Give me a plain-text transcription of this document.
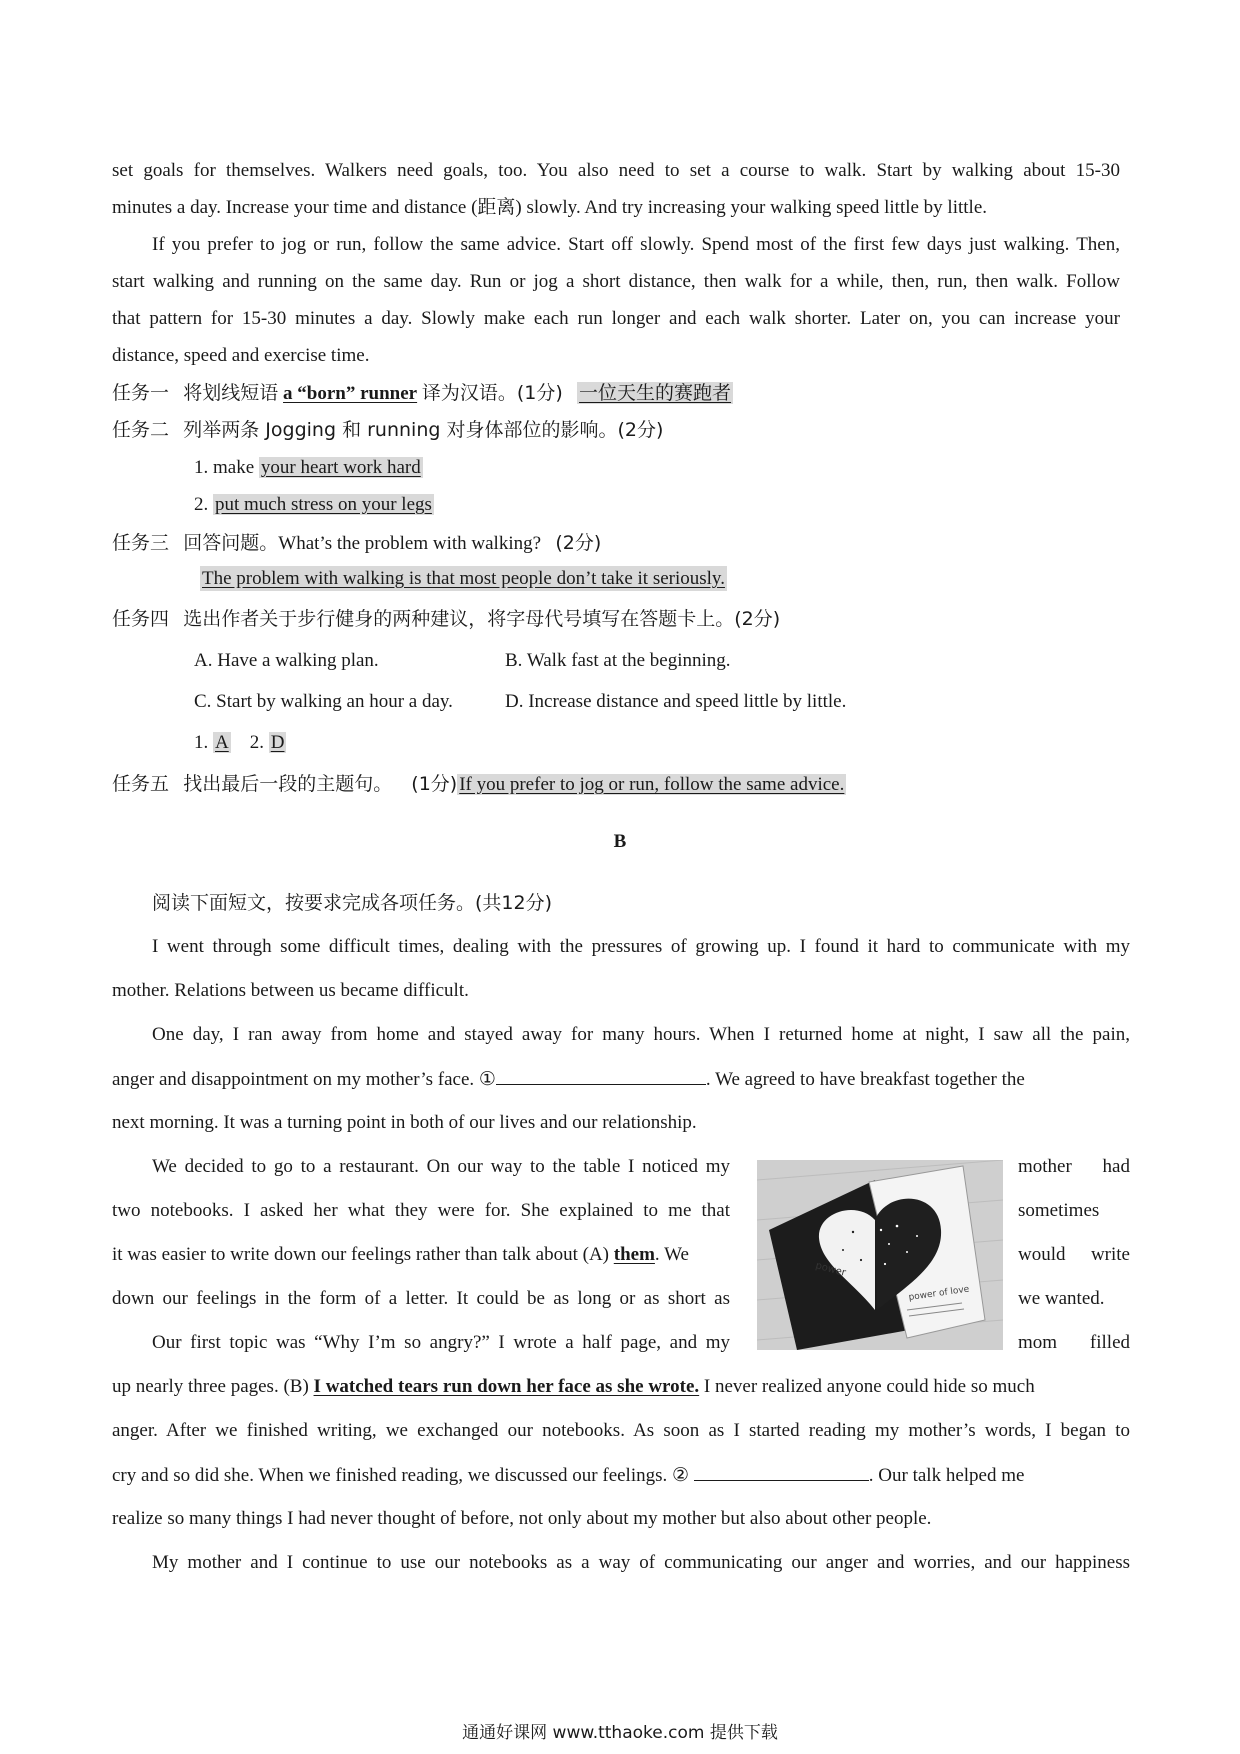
set goals for themselves. Walkers need goals, too. You also need to set a course to walk. Start by walking about 15-30
minutes a day. Increase your time and distance (距离) slowly. And try increasing your walking speed little by little.
If you prefer to jog or run, follow the same advice. Start off slowly. Spend most of the first few days just walking. Then,
start walking and running on the same day. Run or jog a short distance, then walk for a while, then, run, then walk. Follow
that pattern for 15-30 minutes a day. Slowly make each run longer and each walk shorter. Later on, you can increase your
distance, speed and exercise time.
任务一 将划线短语 a “born” runner 译为汉语。(1分) 一位天生的赛跑者
任务二 列举两条 Jogging 和 running 对身体部位的影响。(2分)
1. make your heart work hard
2. put much stress on your legs
任务三 回答问题。What’s the problem with walking? (2分)
The problem with walking is that most people don’t take it seriously.
任务四 选出作者关于步行健身的两种建议，将字母代号填写在答题卡上。(2分)
A. Have a walking plan.	B. Walk fast at the beginning.
C. Start by walking an hour a day.	D. Increase distance and speed little by little.
1. A 2. D
任务五 找出最后一段的主题句。 (1分) If you prefer to jog or run, follow the same advice.
B
阅读下面短文，按要求完成各项任务。(共12分)
I went through some difficult times, dealing with the pressures of growing up. I found it hard to communicate with my
mother. Relations between us became difficult.
One day, I ran away from home and stayed away for many hours. When I returned home at night, I saw all the pain,
anger and disappointment on my mother’s face. ①	. We agreed to have breakfast together the
next morning. It was a turning point in both of our lives and our relationship.
We decided to go to a restaurant. On our way to the table I noticed my	mother had
two notebooks. I asked her what they were for. She explained to me that	sometimes
it was easier to write down our feelings rather than talk about (A) them. We	would write
down our feelings in the form of a letter. It could be as long or as short as	we wanted.
Our first topic was “Why I’m so angry?” I wrote a half page, and my	mom filled
up nearly three pages. (B) I watched tears run down her face as she wrote. I never realized anyone could hide so much
anger. After we finished writing, we exchanged our notebooks. As soon as I started reading my mother’s words, I began to
cry and so did she. When we finished reading, we discussed our feelings. ②	. Our talk helped me
realize so many things I had never thought of before, not only about my mother but also about other people.
My mother and I continue to use our notebooks as a way of communicating our anger and worries, and our happiness
power
power of love
通通好课网 www.tthaoke.com 提供下载
